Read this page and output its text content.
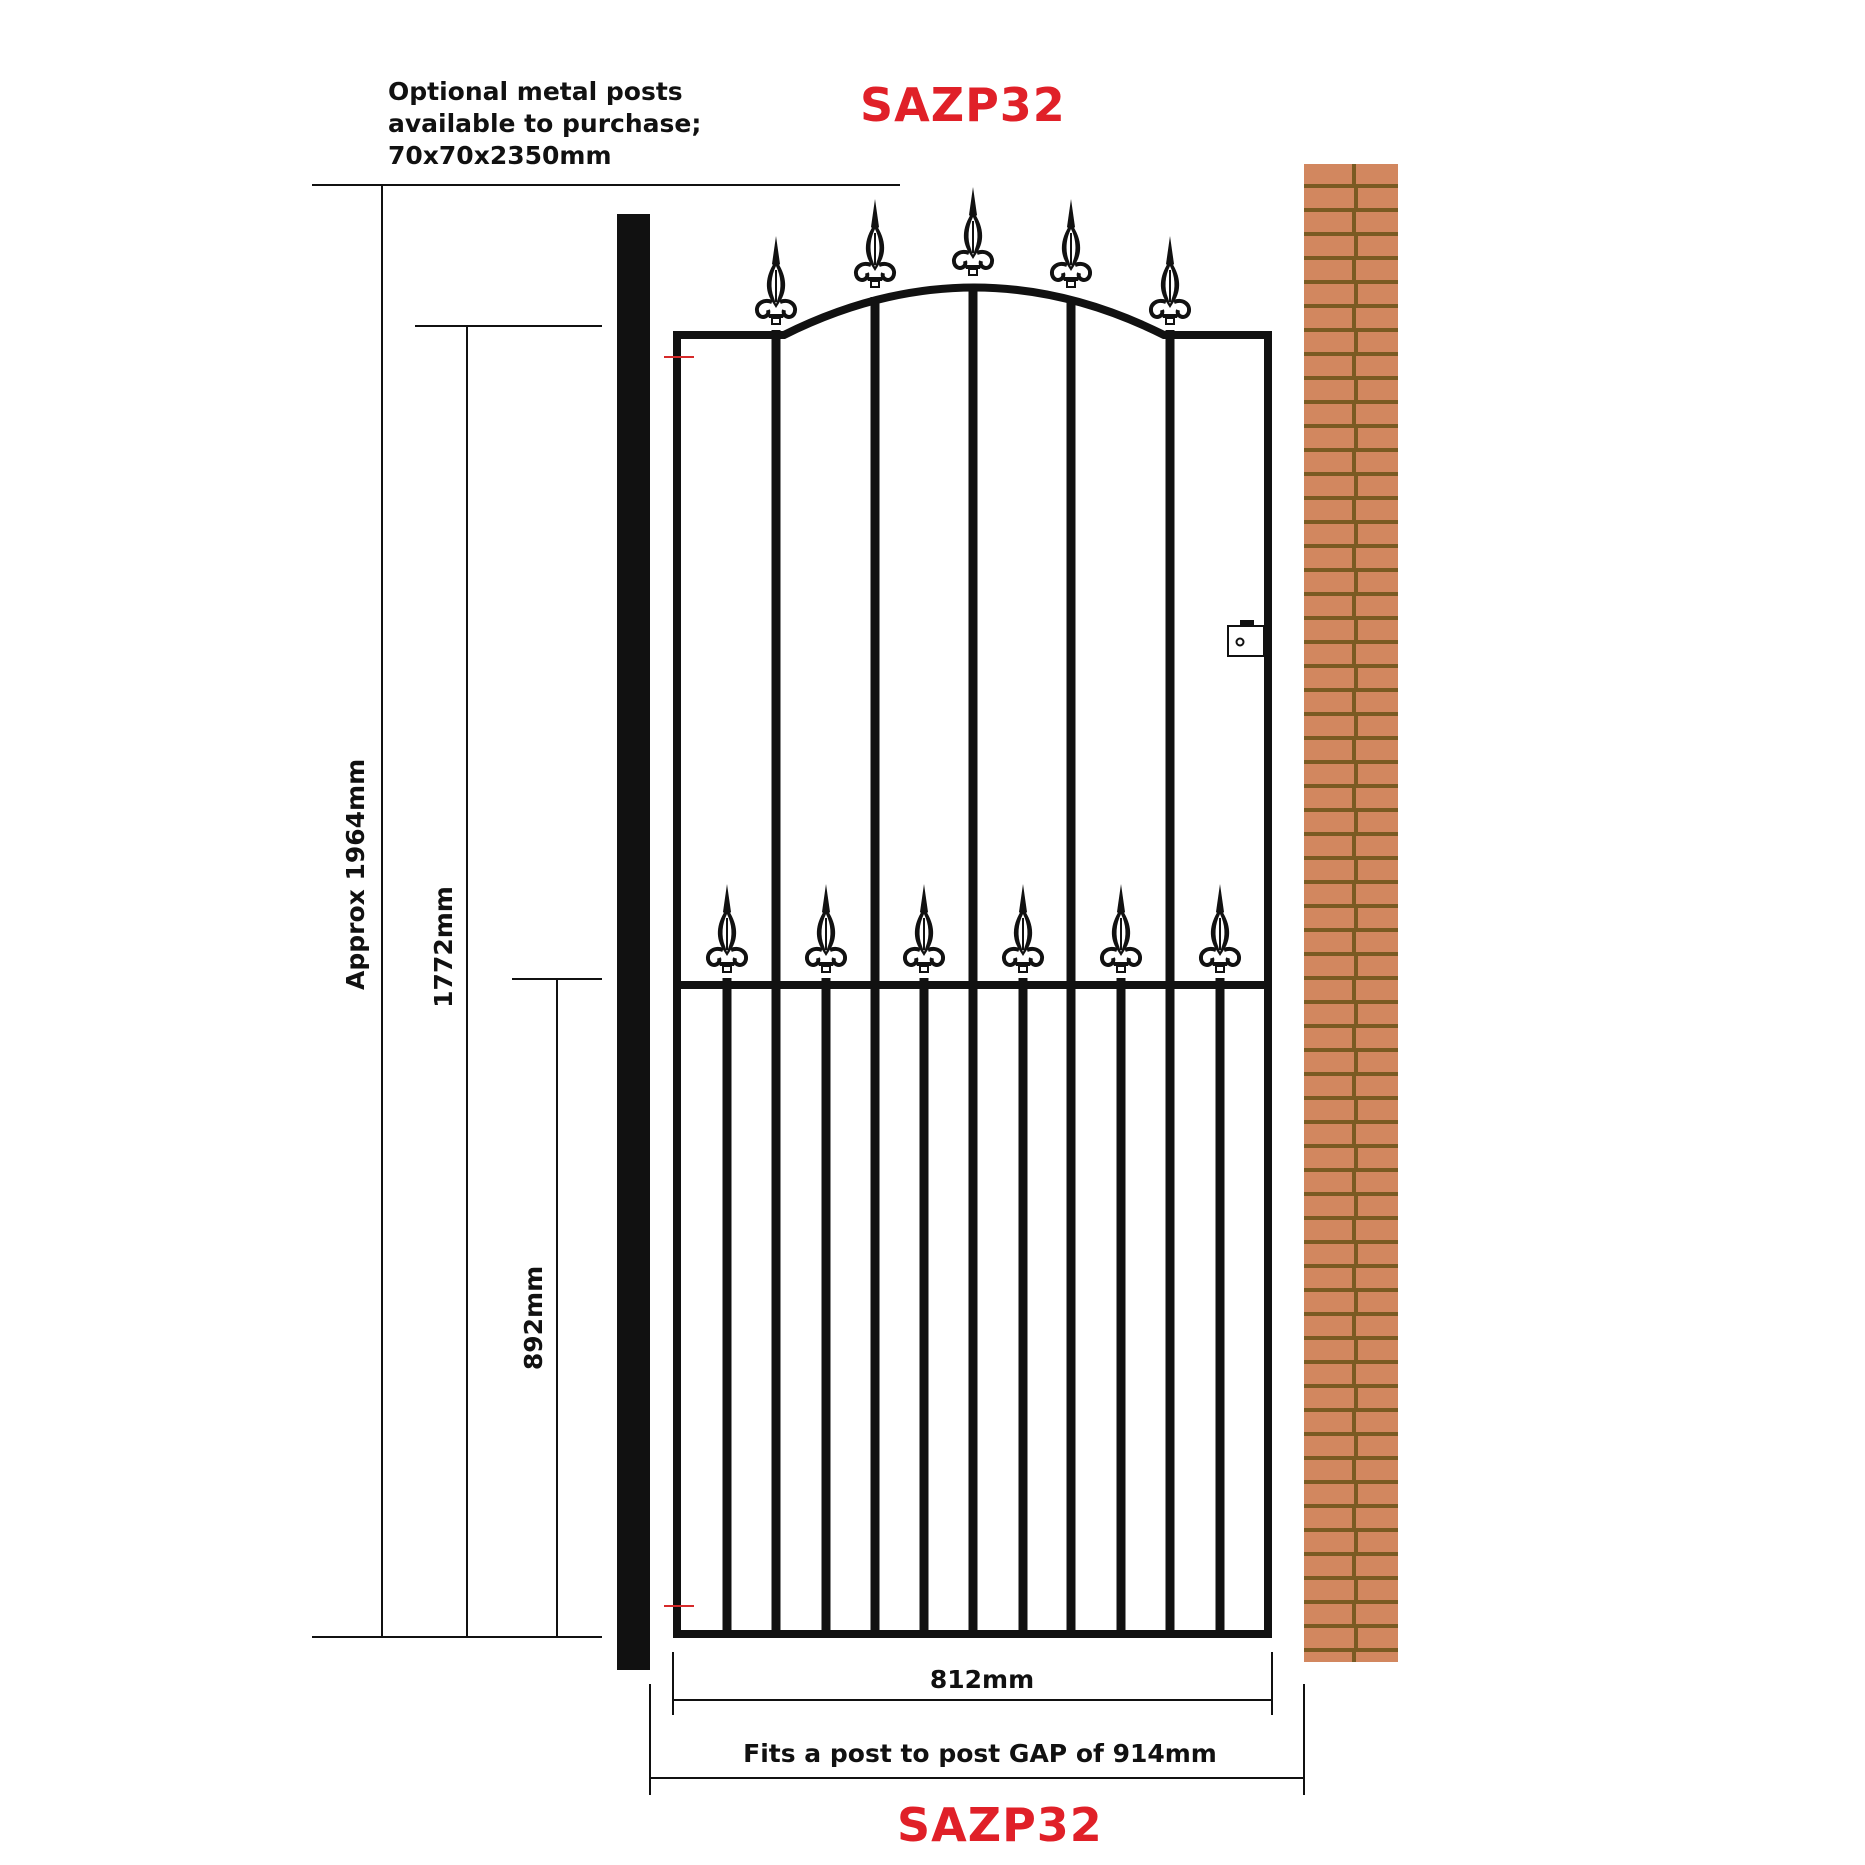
Optional metal posts
available to purchase;
70x70x2350mm
SAZP32
SAZP32
Approx 1964mm 1772mm
892mm
812mm
Fits a post to post GAP of 914mm
